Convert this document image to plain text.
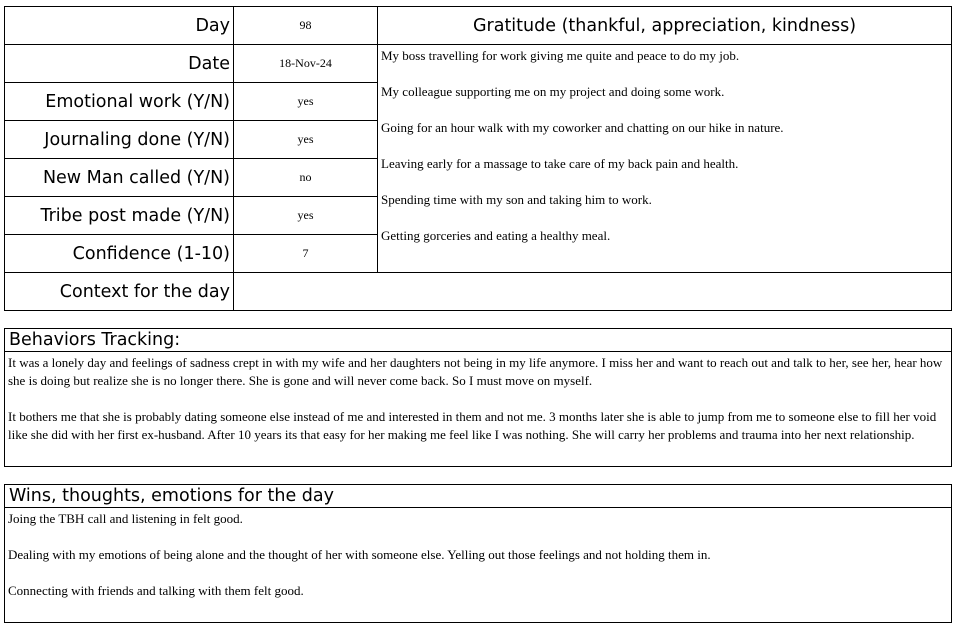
Day	98
Date	18-Nov-24
Emotional work (Y/N)	yes
Journaling done (Y/N)	yes
New Man called (Y/N)	no
Tribe post made (Y/N)	yes
Confidence (1-10)	7
Context for the day
Gratitude (thankful, appreciation, kindness)
My boss travelling for work giving me quite and peace to do my job.
My colleague supporting me on my project and doing some work.
Going for an hour walk with my coworker and chatting on our hike in nature.
Leaving early for a massage to take care of my back pain and health.
Spending time with my son and taking him to work.
Getting gorceries and eating a healthy meal.
Behaviors Tracking:

It was a lonely day and feelings of sadness crept in with my wife and her daughters not being in my life anymore. I miss her and want to reach out and talk to her, see her, hear how she is doing but realize she is no longer there. She is gone and will never come back. So I must move on myself.

It bothers me that she is probably dating someone else instead of me and interested in them and not me. 3 months later she is able to jump from me to someone else to fill her void like she did with her first ex-husband. After 10 years its that easy for her making me feel like I was nothing. She will carry her problems and trauma into her next relationship.

Wins, thoughts, emotions for the day

Joing the TBH call and listening in felt good.

Dealing with my emotions of being alone and the thought of her with someone else. Yelling out those feelings and not holding them in.

Connecting with friends and talking with them felt good.
